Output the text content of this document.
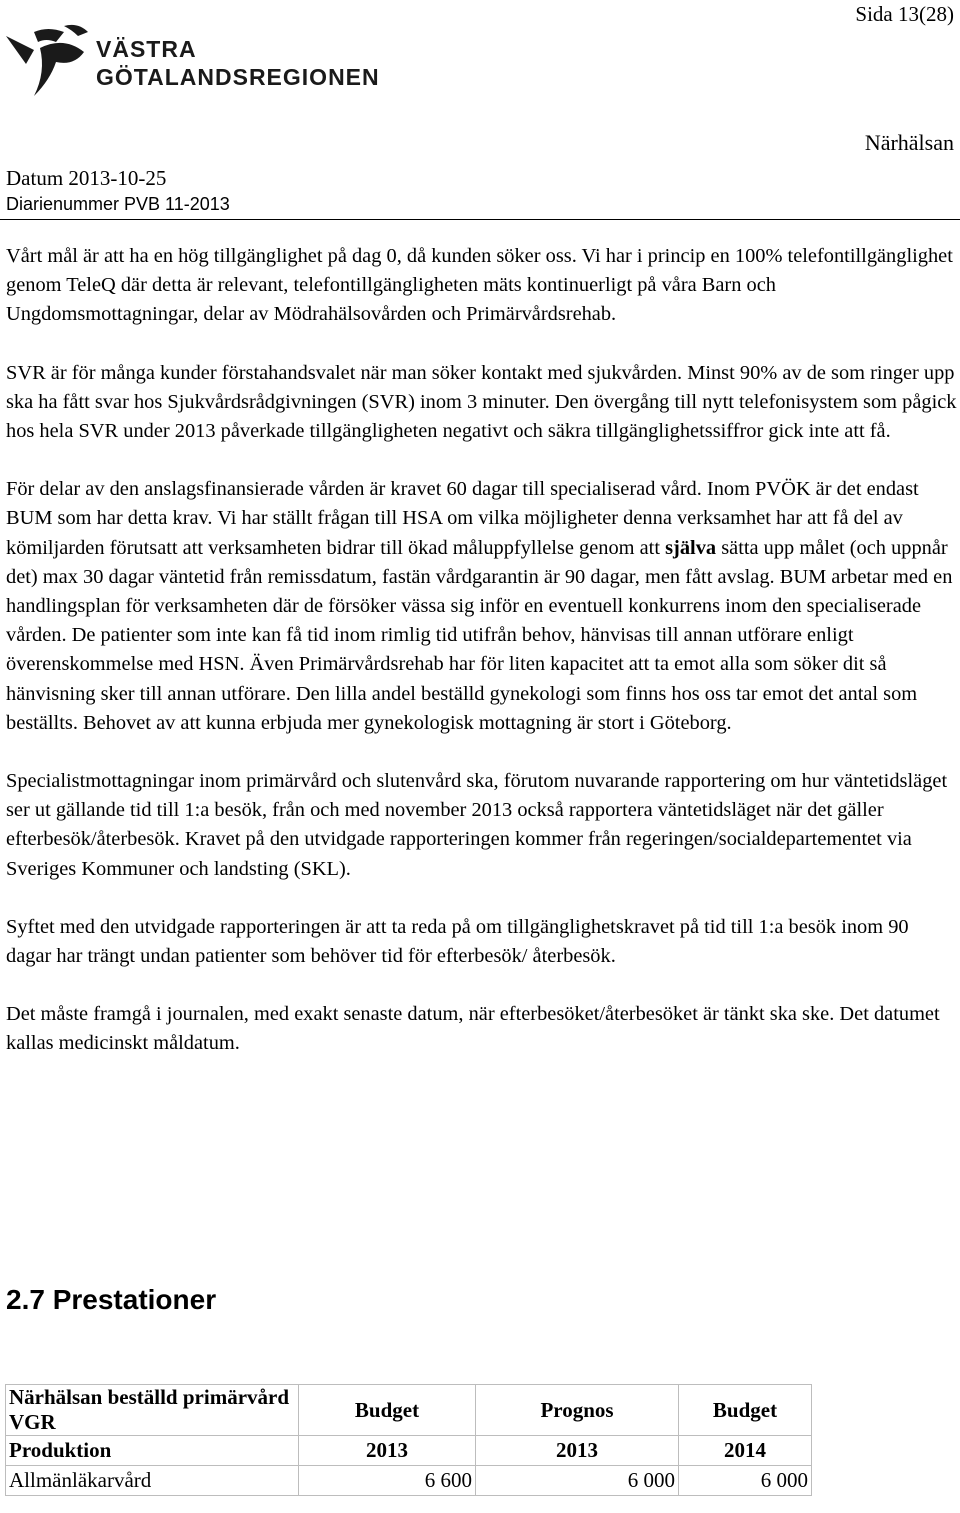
Sida 13(28)
VÄSTRA
GÖTALANDSREGIONEN
Närhälsan
Datum 2013-10-25
Diarienummer PVB 11-2013

Vårt mål är att ha en hög tillgänglighet på dag 0, då kunden söker oss. Vi har i princip en 100% telefontillgänglighet genom TeleQ där detta är relevant, telefontillgängligheten mäts kontinuerligt på våra Barn och Ungdomsmottagningar, delar av Mödrahälsovården och Primärvårdsrehab.

SVR är för många kunder förstahandsvalet när man söker kontakt med sjukvården. Minst 90% av de som ringer upp ska ha fått svar hos Sjukvårdsrådgivningen (SVR) inom 3 minuter. Den övergång till nytt telefonisystem som pågick hos hela SVR under 2013 påverkade tillgängligheten negativt och säkra tillgänglighetssiffror gick inte att få.

För delar av den anslagsfinansierade vården är kravet 60 dagar till specialiserad vård. Inom PVÖK är det endast BUM som har detta krav. Vi har ställt frågan till HSA om vilka möjligheter denna verksamhet har att få del av kömiljarden förutsatt att verksamheten bidrar till ökad måluppfyllelse genom att själva sätta upp målet (och uppnår det) max 30 dagar väntetid från remissdatum, fastän vårdgarantin är 90 dagar, men fått avslag. BUM arbetar med en handlingsplan för verksamheten där de försöker vässa sig inför en eventuell konkurrens inom den specialiserade vården. De patienter som inte kan få tid inom rimlig tid utifrån behov, hänvisas till annan utförare enligt överenskommelse med HSN. Även Primärvårdsrehab har för liten kapacitet att ta emot alla som söker dit så hänvisning sker till annan utförare. Den lilla andel beställd gynekologi som finns hos oss tar emot det antal som beställts. Behovet av att kunna erbjuda mer gynekologisk mottagning är stort i Göteborg.

Specialistmottagningar inom primärvård och slutenvård ska, förutom nuvarande rapportering om hur väntetidsläget ser ut gällande tid till 1:a besök, från och med november 2013 också rapportera väntetidsläget när det gäller efterbesök/återbesök. Kravet på den utvidgade rapporteringen kommer från regeringen/socialdepartementet via Sveriges Kommuner och landsting (SKL).

Syftet med den utvidgade rapporteringen är att ta reda på om tillgänglighetskravet på tid till 1:a besök inom 90 dagar har trängt undan patienter som behöver tid för efterbesök/ återbesök.

Det måste framgå i journalen, med exakt senaste datum, när efterbesöket/återbesöket är tänkt ska ske. Det datumet kallas medicinskt måldatum.

2.7 Prestationer
Närhälsan beställd primärvård VGR	Budget	Prognos	Budget
Produktion	2013	2013	2014
Allmänläkarvård	6 600	6 000	6 000
